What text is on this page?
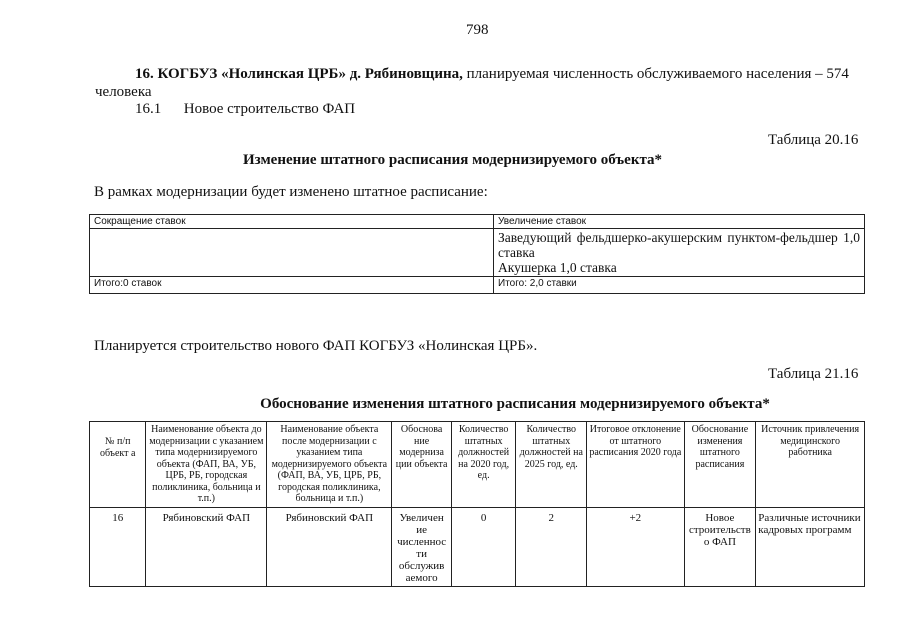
798
16. КОГБУЗ «Нолинская ЦРБ» д. Рябиновщина, планируемая численность обслуживаемого населения – 574
человека
16.1 Новое строительство ФАП
Таблица 20.16
Изменение штатного расписания модернизируемого объекта*
В рамках модернизации будет изменено штатное расписание:
Сокращение ставок	Увеличение ставок

	Заведующий фельдшерко-акушерским пунктом-фельдшер 1,0 ставка
Акушерка 1,0 ставка

Итого:0 ставок	Итого: 2,0 ставки
Планируется строительство нового ФАП КОГБУЗ «Нолинская ЦРБ».
Таблица 21.16
Обоснование изменения штатного расписания модернизируемого объекта*
№ п/п объект а	Наименование объекта до модернизации с указанием типа модернизируемого объекта (ФАП, ВА, УБ, ЦРБ, РБ, городская поликлиника, больница и т.п.)	Наименование объекта после модернизации с указанием типа модернизируемого объекта (ФАП, ВА, УБ, ЦРБ, РБ, городская поликлиника, больница и т.п.)	Обоснова ние модерниза ции объекта	Количество штатных должностей на 2020 год, ед.	Количество штатных должностей на 2025 год, ед.	Итоговое отклонение от штатного расписания 2020 года	Обоснование изменения штатного расписания	Источник привлечения медицинского работника
16	Рябиновский ФАП	Рябиновский ФАП	Увеличен ие численнос ти обслужив аемого	0	2	+2	Новое строительств о ФАП	Различные источники кадровых программ
